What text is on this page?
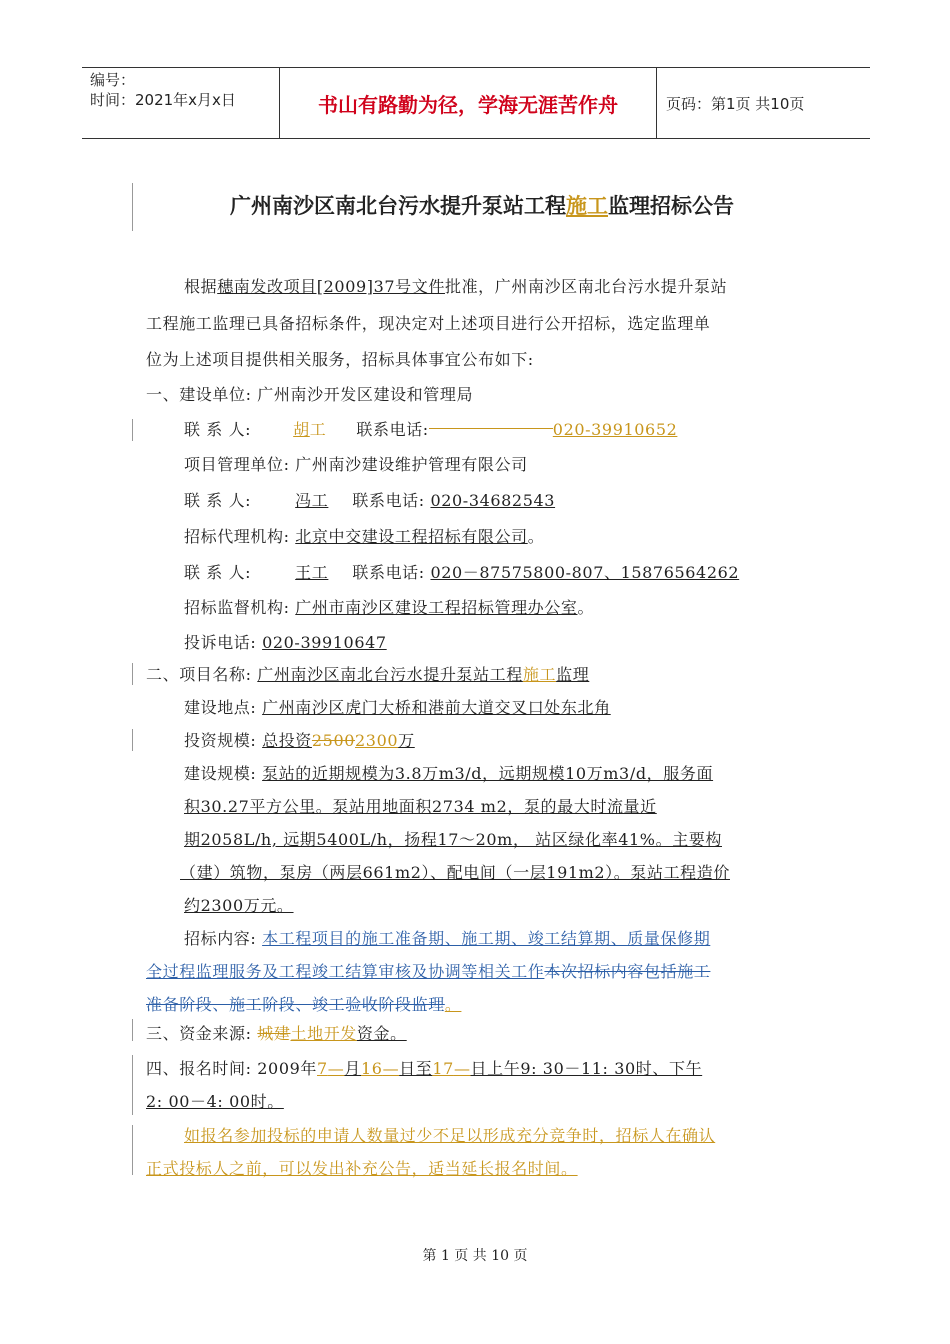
编号：
时间：2021年x月x日	书山有路勤为径，学海无涯苦作舟	页码：第1页 共10页
广州南沙区南北台污水提升泵站工程施工监理招标公告
根据穗南发改项目[2009]37号文件批准，广州南沙区南北台污水提升泵站
工程施工监理已具备招标条件，现决定对上述项目进行公开招标，选定监理单
位为上述项目提供相关服务，招标具体事宜公布如下:
一、建设单位: 广州南沙开发区建设和管理局
联 系 人:	胡工 联系电话:	020-39910652
项目管理单位: 广州南沙建设维护管理有限公司
联 系 人:	冯工 联系电话: 020-34682543
招标代理机构: 北京中交建设工程招标有限公司。
联 系 人:	王工 联系电话: 020－87575800-807、15876564262
招标监督机构: 广州市南沙区建设工程招标管理办公室。
投诉电话: 020-39910647
二、项目名称: 广州南沙区南北台污水提升泵站工程施工监理
建设地点: 广州南沙区虎门大桥和港前大道交叉口处东北角
投资规模: 总投资25002300万
建设规模: 泵站的近期规模为3.8万m3/d，远期规模10万m3/d，服务面
积30.27平方公里。泵站用地面积2734 m2，泵的最大时流量近
期2058L/h, 远期5400L/h，扬程17～20m， 站区绿化率41%。主要构
（建）筑物，泵房（两层661m2）、配电间（一层191m2）。泵站工程造价
约2300万元。
招标内容: 本工程项目的施工准备期、施工期、竣工结算期、质量保修期
全过程监理服务及工程竣工结算审核及协调等相关工作本次招标内容包括施工
准备阶段、施工阶段、竣工验收阶段监理。
三、资金来源: 城建土地开发资金。
四、报名时间: 2009年7—月16—日至17—日上午9: 30－11: 30时、下午
2: 00－4: 00时。
如报名参加投标的申请人数量过少不足以形成充分竞争时，招标人在确认
正式投标人之前，可以发出补充公告，适当延长报名时间。
第 1 页 共 10 页
